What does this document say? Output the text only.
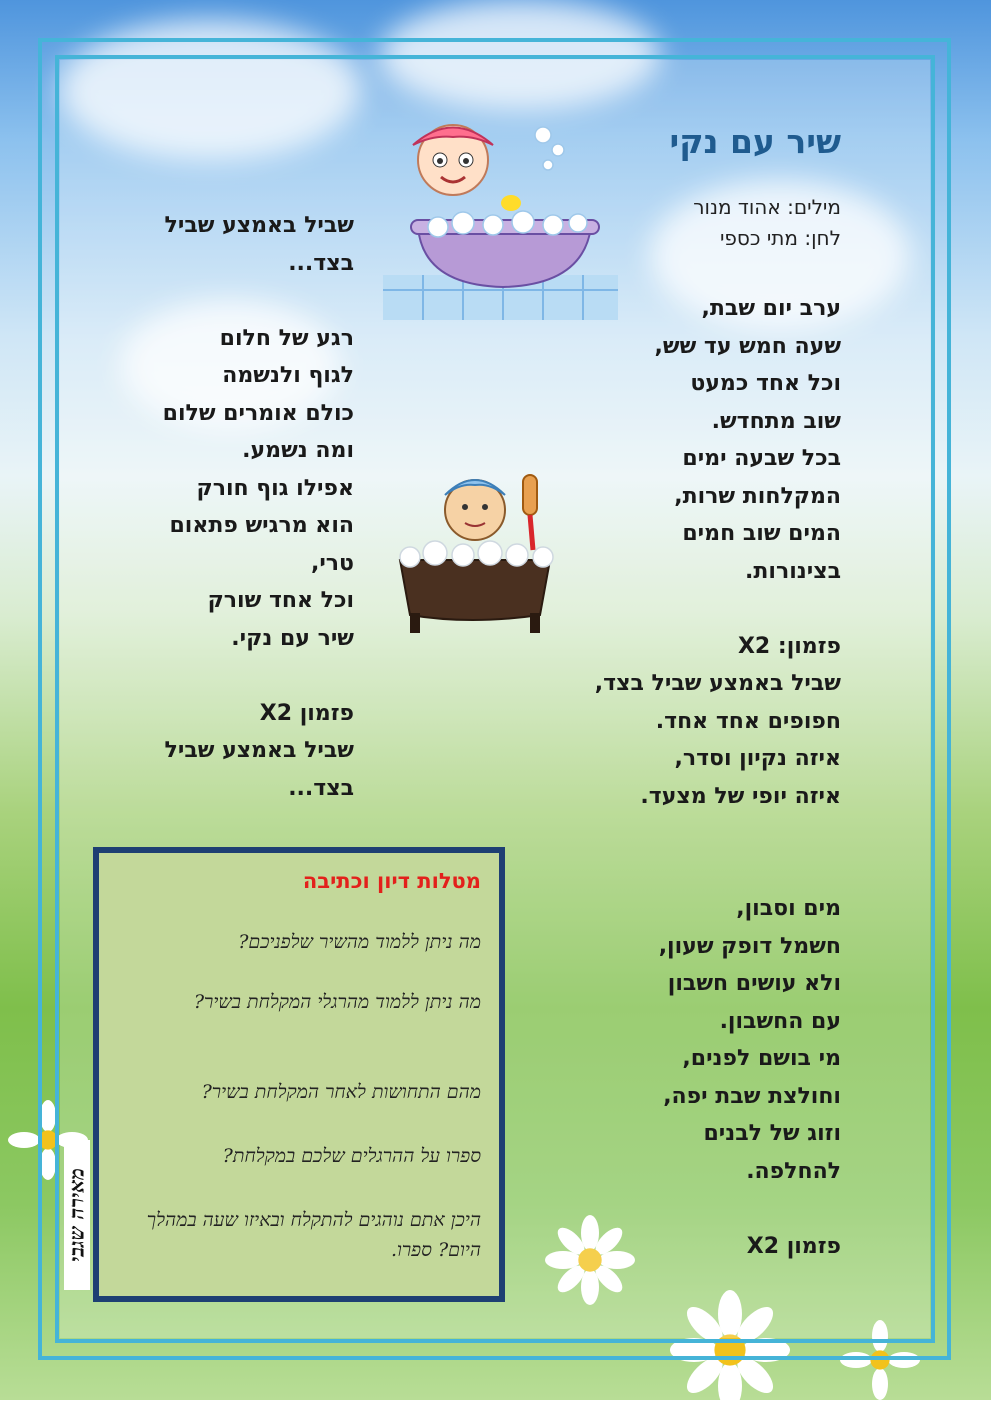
שיר עם נקי
מילים: אהוד מנור
לחן: מתי כספי

ערב יום שבת,

שעה חמש עד שש,

וכל אחד כמעט

שוב מתחדש.

בכל שבעה ימים

המקלחות שרות,

המים שוב חמים

בצינורות.

פזמון: X2

שביל באמצע שביל בצד,

חפופים אחד אחד.

איזה נקיון וסדר,

איזה יופי של מצעד.

מים וסבון,

חשמל דופק שעון,

ולא עושים חשבון

עם החשבון.

מי בושם לפנים,

וחולצת שבת יפה,

וזוג של לבנים

להחלפה.

פזמון X2

שביל באמצע שביל

בצד...

רגע של חלום

לגוף ולנשמה

כולם אומרים שלום

ומה נשמע.

אפילו גוף חורק

הוא מרגיש פתאום

טרי,

וכל אחד שורק

שיר עם נקי.

פזמון X2

שביל באמצע שביל

בצד...

מטלות דיון וכתיבה
מה ניתן ללמוד מהשיר שלפניכם?
מה ניתן ללמוד מהרגלי המקלחת בשיר?
מהם התחושות לאחר המקלחת בשיר?
ספרו על ההרגלים שלכם במקלחת?
היכן אתם נוהגים להתקלח ובאיזו שעה במהלך היום? ספרו.
מאירה שגבי
